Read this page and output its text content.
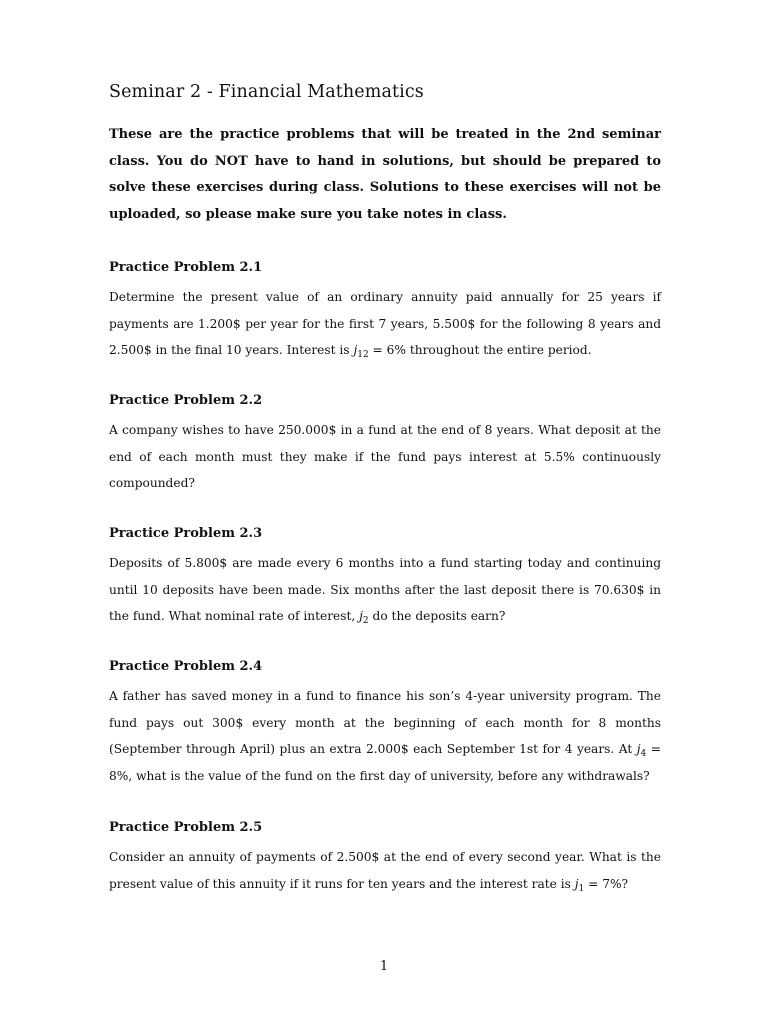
Seminar 2 - Financial Mathematics
These are the practice problems that will be treated in the 2nd seminar class. You do NOT have to hand in solutions, but should be prepared to solve these exercises during class. Solutions to these exercises will not be uploaded, so please make sure you take notes in class.
Practice Problem 2.1

Determine the present value of an ordinary annuity paid annually for 25 years if payments are 1.200$ per year for the first 7 years, 5.500$ for the following 8 years and 2.500$ in the final 10 years. Interest is $j_{12} = 6\%$ throughout the entire period.

Practice Problem 2.2

A company wishes to have 250.000$ in a fund at the end of 8 years. What deposit at the end of each month must they make if the fund pays interest at 5.5% continuously compounded?

Practice Problem 2.3

Deposits of 5.800$ are made every 6 months into a fund starting today and continuing until 10 deposits have been made. Six months after the last deposit there is 70.630$ in the fund. What nominal rate of interest, $j_2$ do the deposits earn?

Practice Problem 2.4

A father has saved money in a fund to finance his son’s 4-year university program. The fund pays out 300$ every month at the beginning of each month for 8 months (September through April) plus an extra 2.000$ each September 1st for 4 years. At $j_4 = 8\%$, what is the value of the fund on the first day of university, before any withdrawals?

Practice Problem 2.5

Consider an annuity of payments of 2.500$ at the end of every second year. What is the present value of this annuity if it runs for ten years and the interest rate is $j_1 = 7\%$?

1
